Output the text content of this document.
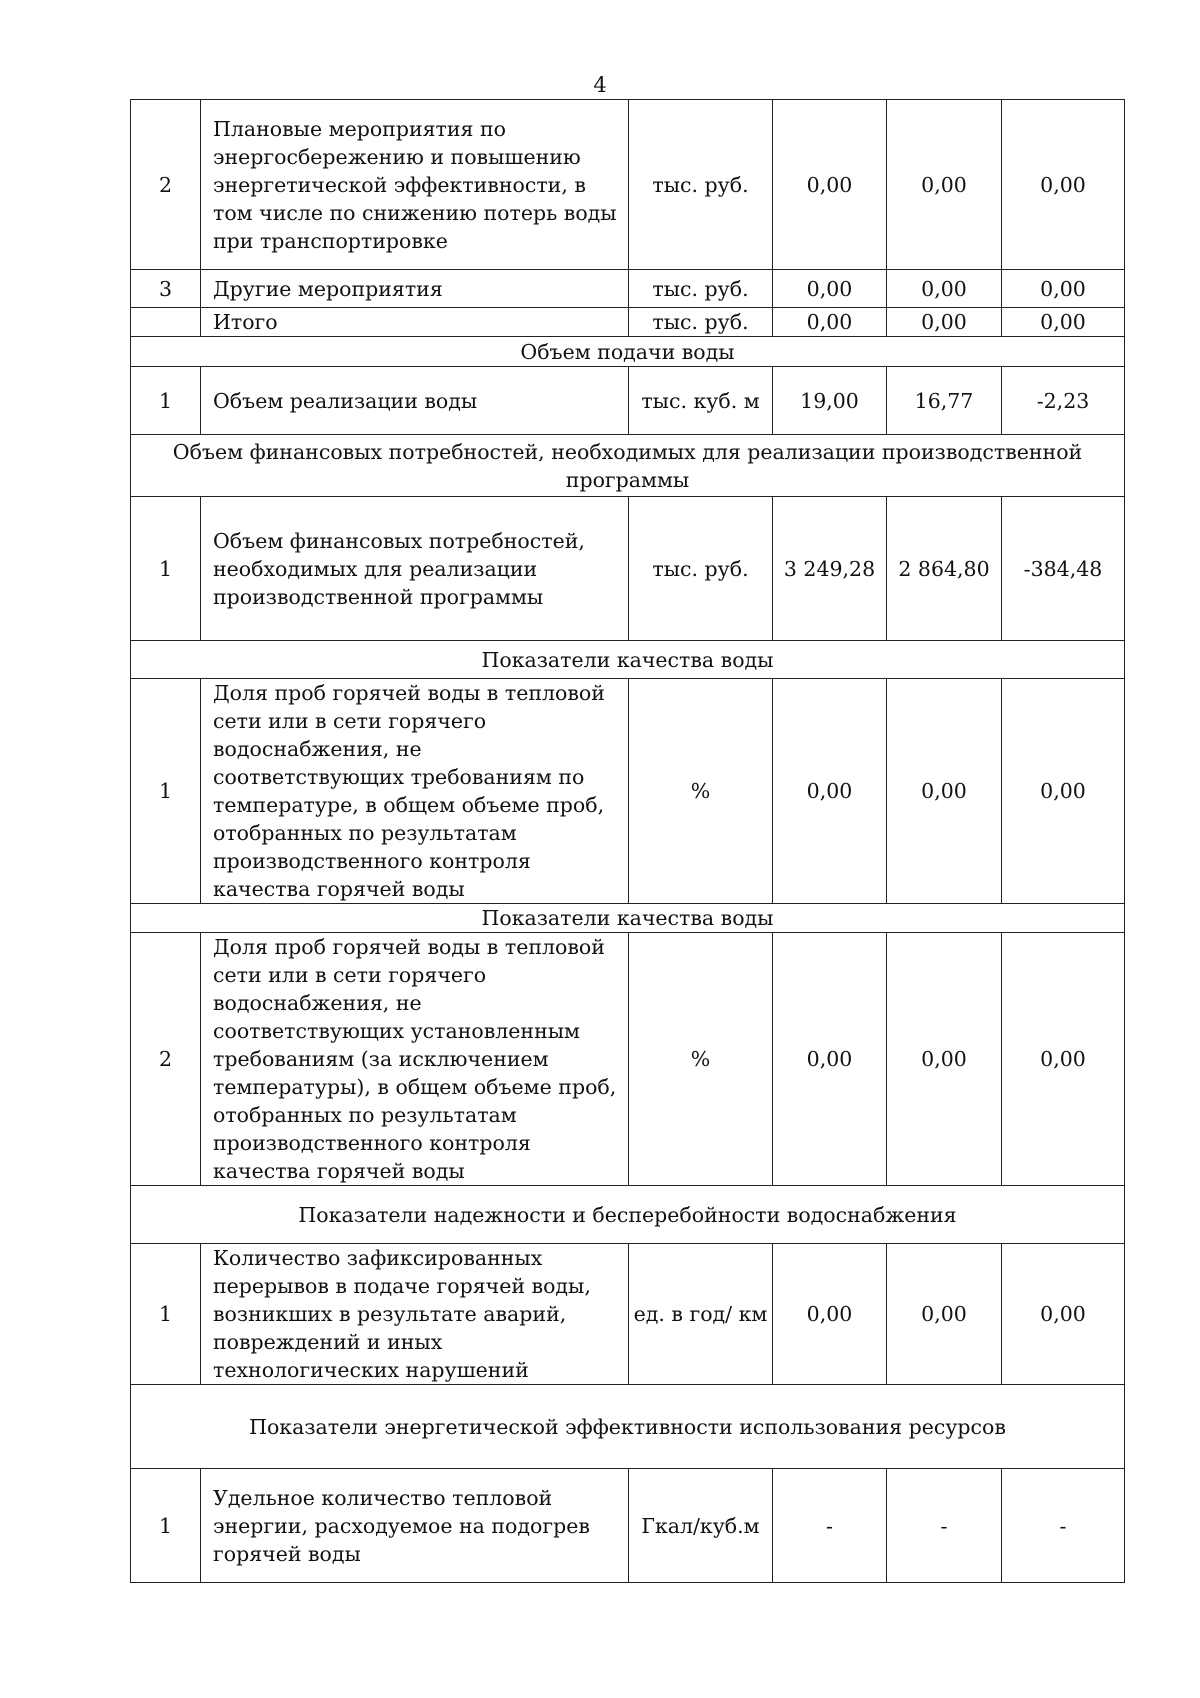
4
2	Плановые мероприятия по энергосбережению и повышению энергетической эффективности, в том числе по снижению потерь воды при транспортировке	тыс. руб.	0,00	0,00	0,00
3	Другие мероприятия	тыс. руб.	0,00	0,00	0,00
	Итого	тыс. руб.	0,00	0,00	0,00
Объем подачи воды					
1	Объем реализации воды	тыс. куб. м	19,00	16,77	-2,23
Объем финансовых потребностей, необходимых для реализации производственной программы					
1	Объем финансовых потребностей, необходимых для реализации производственной программы	тыс. руб.	3 249,28	2 864,80	-384,48
Показатели качества воды					
1	Доля проб горячей воды в тепловой сети или в сети горячего водоснабжения, не соответствующих требованиям по температуре, в общем объеме проб, отобранных по результатам производственного контроля качества горячей воды	%	0,00	0,00	0,00
Показатели качества воды					
2	Доля проб горячей воды в тепловой сети или в сети горячего водоснабжения, не соответствующих установленным требованиям (за исключением температуры), в общем объеме проб, отобранных по результатам производственного контроля качества горячей воды	%	0,00	0,00	0,00
Показатели надежности и бесперебойности водоснабжения					
1	Количество зафиксированных перерывов в подаче горячей воды, возникших в результате аварий, повреждений и иных технологических нарушений	ед. в год/ км	0,00	0,00	0,00
Показатели энергетической эффективности использования ресурсов					
1	Удельное количество тепловой энергии, расходуемое на подогрев горячей воды	Гкал/куб.м	-	-	-
